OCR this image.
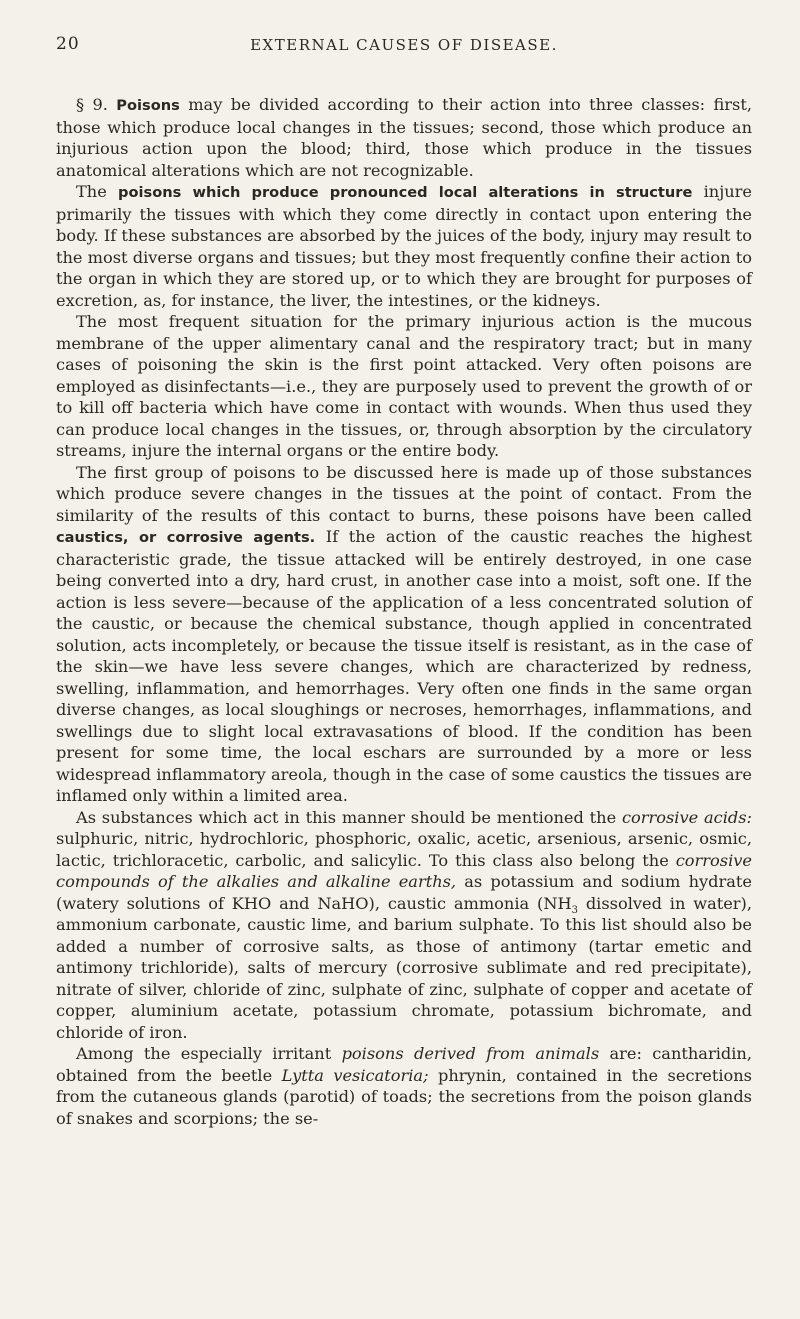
20	EXTERNAL CAUSES OF DISEASE.

§ 9. Poisons may be divided according to their action into three classes: first, those which produce local changes in the tissues; second, those which produce an injurious action upon the blood; third, those which produce in the tissues anatomical alterations which are not recognizable.

The poisons which produce pronounced local alterations in structure injure primarily the tissues with which they come directly in contact upon entering the body. If these substances are absorbed by the juices of the body, injury may result to the most diverse organs and tissues; but they most frequently confine their action to the organ in which they are stored up, or to which they are brought for purposes of excretion, as, for instance, the liver, the intestines, or the kidneys.

The most frequent situation for the primary injurious action is the mucous membrane of the upper alimentary canal and the respiratory tract; but in many cases of poisoning the skin is the first point attacked. Very often poisons are employed as disinfectants—i.e., they are purposely used to prevent the growth of or to kill off bacteria which have come in contact with wounds. When thus used they can produce local changes in the tissues, or, through absorption by the circulatory streams, injure the internal organs or the entire body.

The first group of poisons to be discussed here is made up of those substances which produce severe changes in the tissues at the point of contact. From the similarity of the results of this contact to burns, these poisons have been called caustics, or corrosive agents. If the action of the caustic reaches the highest characteristic grade, the tissue attacked will be entirely destroyed, in one case being converted into a dry, hard crust, in another case into a moist, soft one. If the action is less severe—because of the application of a less concentrated solution of the caustic, or because the chemical substance, though applied in concentrated solution, acts incompletely, or because the tissue itself is resistant, as in the case of the skin—we have less severe changes, which are characterized by redness, swelling, inflammation, and hemorrhages. Very often one finds in the same organ diverse changes, as local sloughings or necroses, hemorrhages, inflammations, and swellings due to slight local extravasations of blood. If the condition has been present for some time, the local eschars are surrounded by a more or less widespread inflammatory areola, though in the case of some caustics the tissues are inflamed only within a limited area.

As substances which act in this manner should be mentioned the corrosive acids: sulphuric, nitric, hydrochloric, phosphoric, oxalic, acetic, arsenious, arsenic, osmic, lactic, trichloracetic, carbolic, and salicylic. To this class also belong the corrosive compounds of the alkalies and alkaline earths, as potassium and sodium hydrate (watery solutions of KHO and NaHO), caustic ammonia ($NH_3$ dissolved in water), ammonium carbonate, caustic lime, and barium sulphate. To this list should also be added a number of corrosive salts, as those of antimony (tartar emetic and antimony trichloride), salts of mercury (corrosive sublimate and red precipitate), nitrate of silver, chloride of zinc, sulphate of zinc, sulphate of copper and acetate of copper, aluminium acetate, potassium chromate, potassium bichromate, and chloride of iron.

Among the especially irritant poisons derived from animals are: cantharidin, obtained from the beetle Lytta vesicatoria; phrynin, contained in the secretions from the cutaneous glands (parotid) of toads; the secretions from the poison glands of snakes and scorpions; the se-
